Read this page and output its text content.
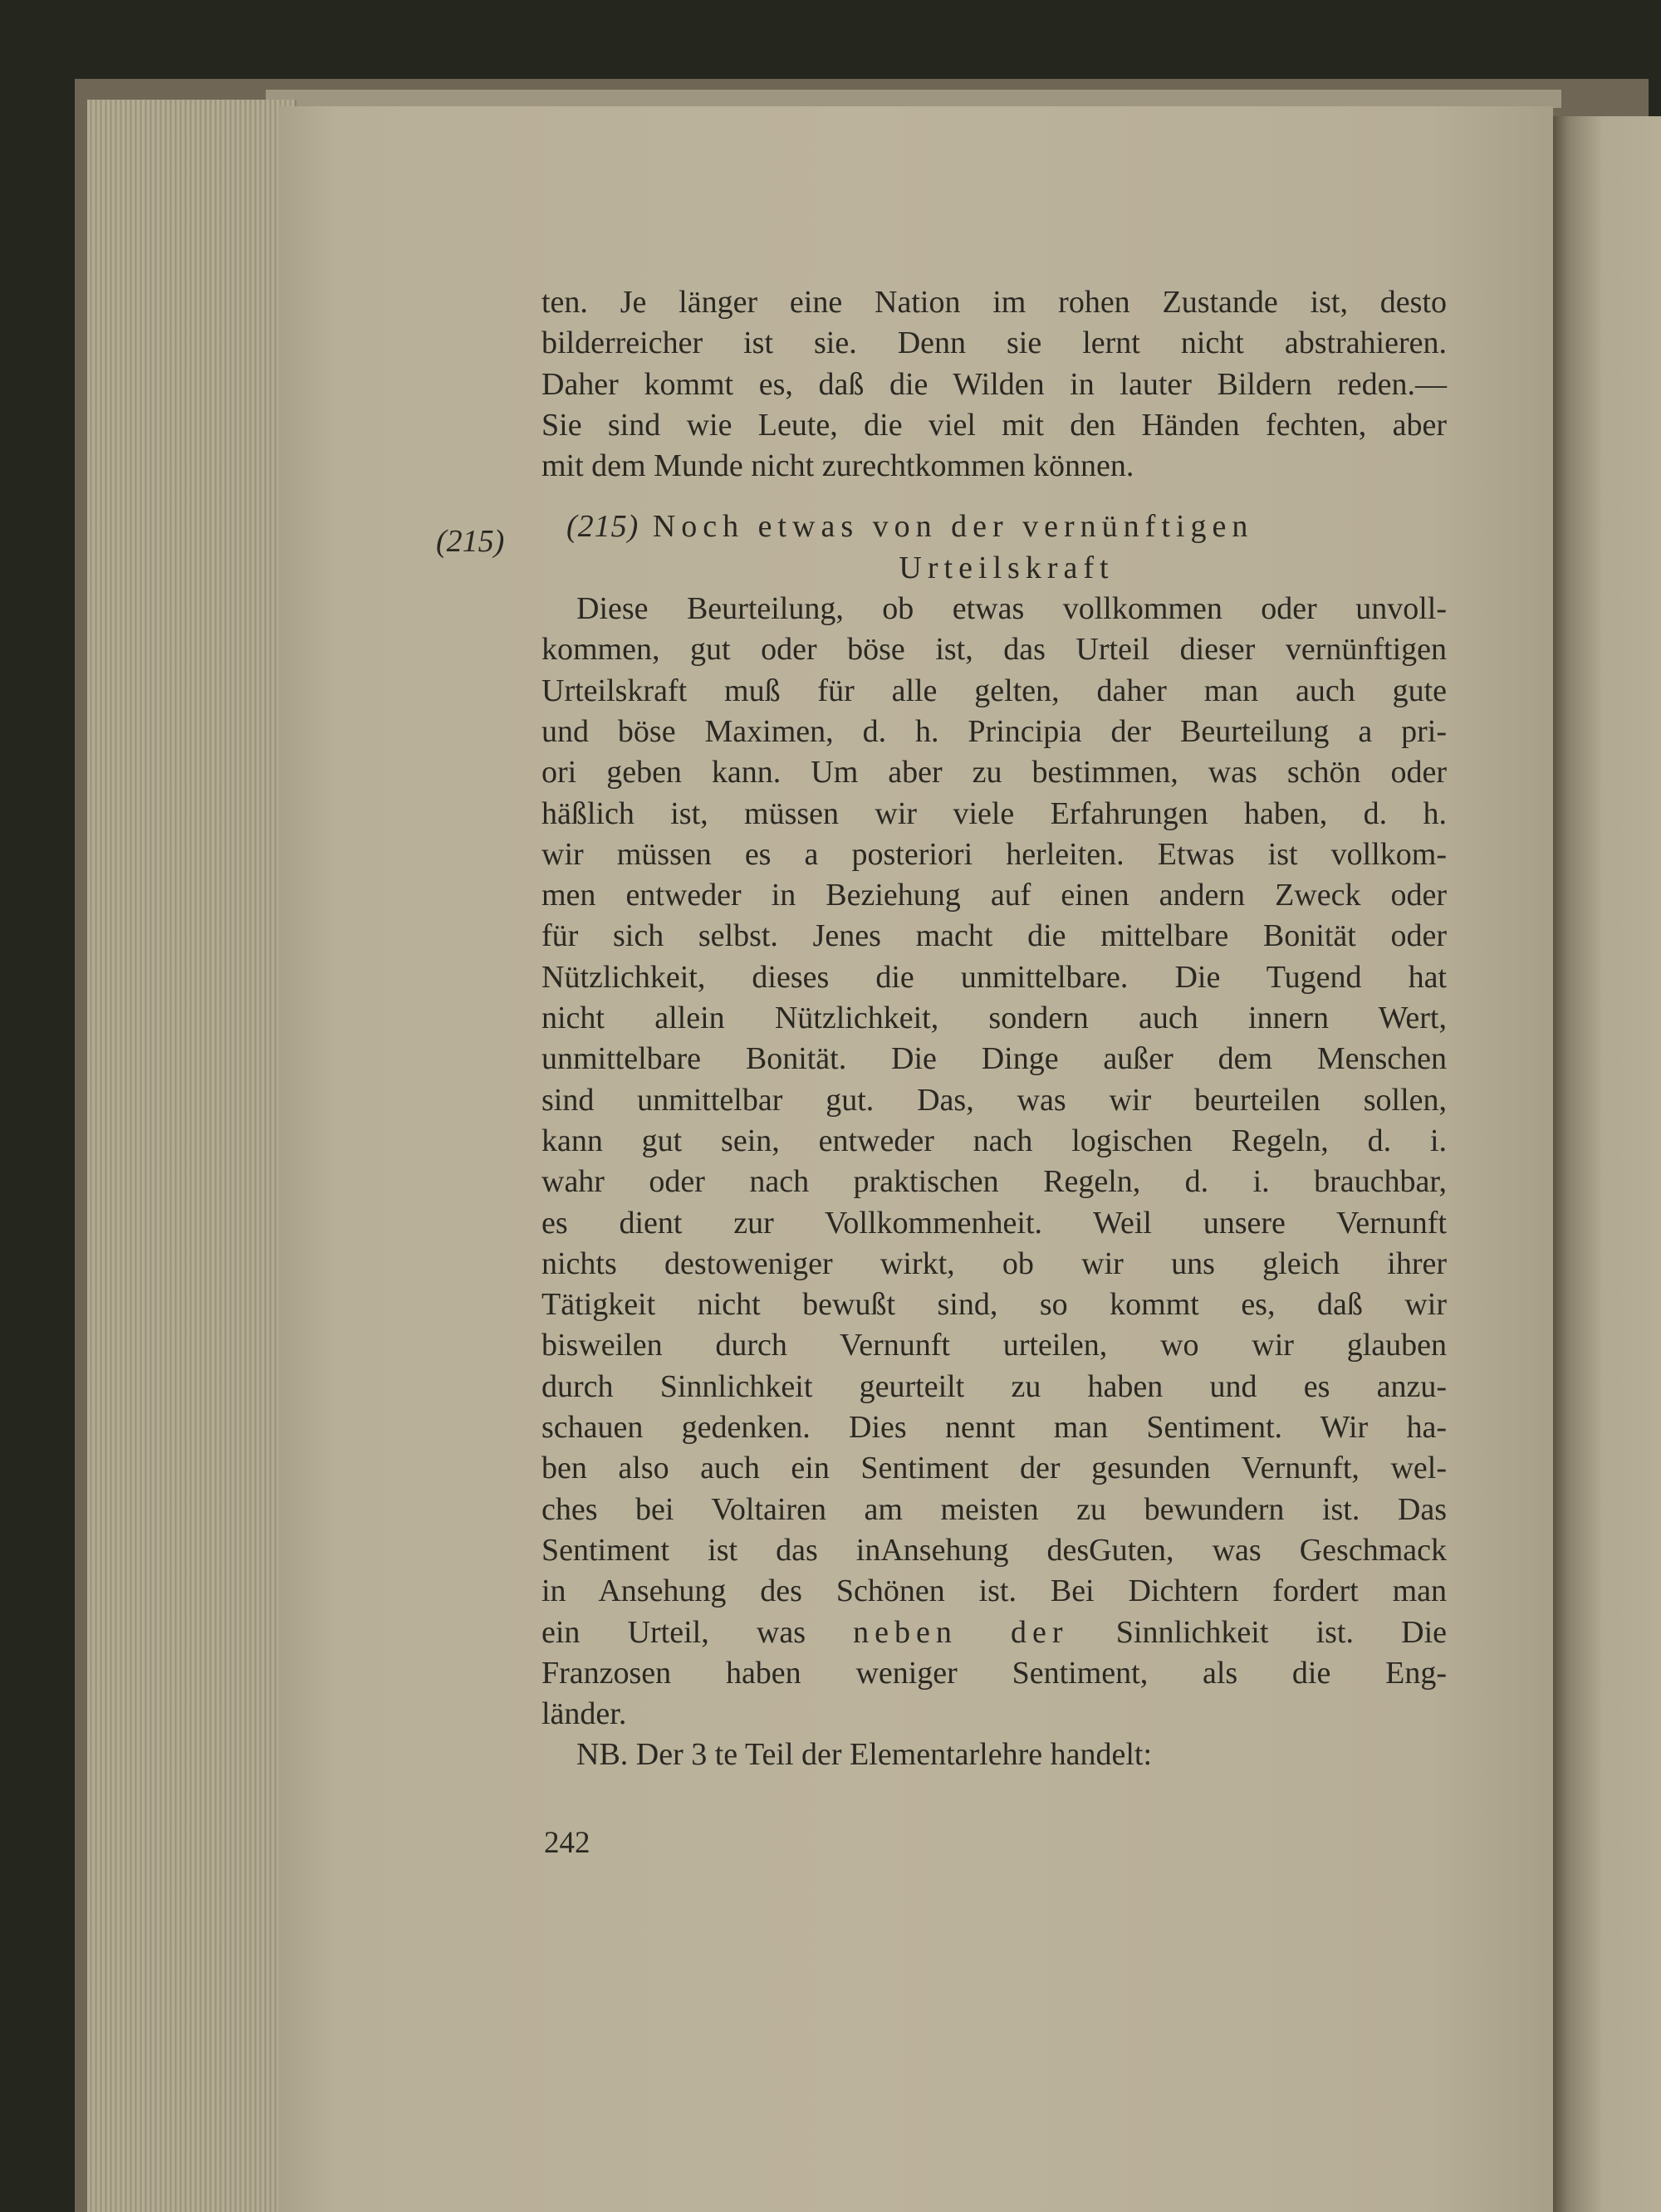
(215)
ten. Je länger eine Nation im rohen Zustande ist, desto
bilderreicher ist sie. Denn sie lernt nicht abstrahieren.
Daher kommt es, daß die Wilden in lauter Bildern reden.—
Sie sind wie Leute, die viel mit den Händen fechten, aber
mit dem Munde nicht zurechtkommen können.
(215) Noch etwas von der vernünftigen
Urteilskraft
Diese Beurteilung, ob etwas vollkommen oder unvoll-
kommen, gut oder böse ist, das Urteil dieser vernünftigen
Urteilskraft muß für alle gelten, daher man auch gute
und böse Maximen, d. h. Principia der Beurteilung a pri-
ori geben kann. Um aber zu bestimmen, was schön oder
häßlich ist, müssen wir viele Erfahrungen haben, d. h.
wir müssen es a posteriori herleiten. Etwas ist vollkom-
men entweder in Beziehung auf einen andern Zweck oder
für sich selbst. Jenes macht die mittelbare Bonität oder
Nützlichkeit, dieses die unmittelbare. Die Tugend hat
nicht allein Nützlichkeit, sondern auch innern Wert,
unmittelbare Bonität. Die Dinge außer dem Menschen
sind unmittelbar gut. Das, was wir beurteilen sollen,
kann gut sein, entweder nach logischen Regeln, d. i.
wahr oder nach praktischen Regeln, d. i. brauchbar,
es dient zur Vollkommenheit. Weil unsere Vernunft
nichts destoweniger wirkt, ob wir uns gleich ihrer
Tätigkeit nicht bewußt sind, so kommt es, daß wir
bisweilen durch Vernunft urteilen, wo wir glauben
durch Sinnlichkeit geurteilt zu haben und es anzu-
schauen gedenken. Dies nennt man Sentiment. Wir ha-
ben also auch ein Sentiment der gesunden Vernunft, wel-
ches bei Voltairen am meisten zu bewundern ist. Das
Sentiment ist das inAnsehung desGuten, was Geschmack
in Ansehung des Schönen ist. Bei Dichtern fordert man
ein Urteil, was neben der Sinnlichkeit ist. Die
Franzosen haben weniger Sentiment, als die Eng-
länder.
NB. Der 3 te Teil der Elementarlehre handelt:
242
